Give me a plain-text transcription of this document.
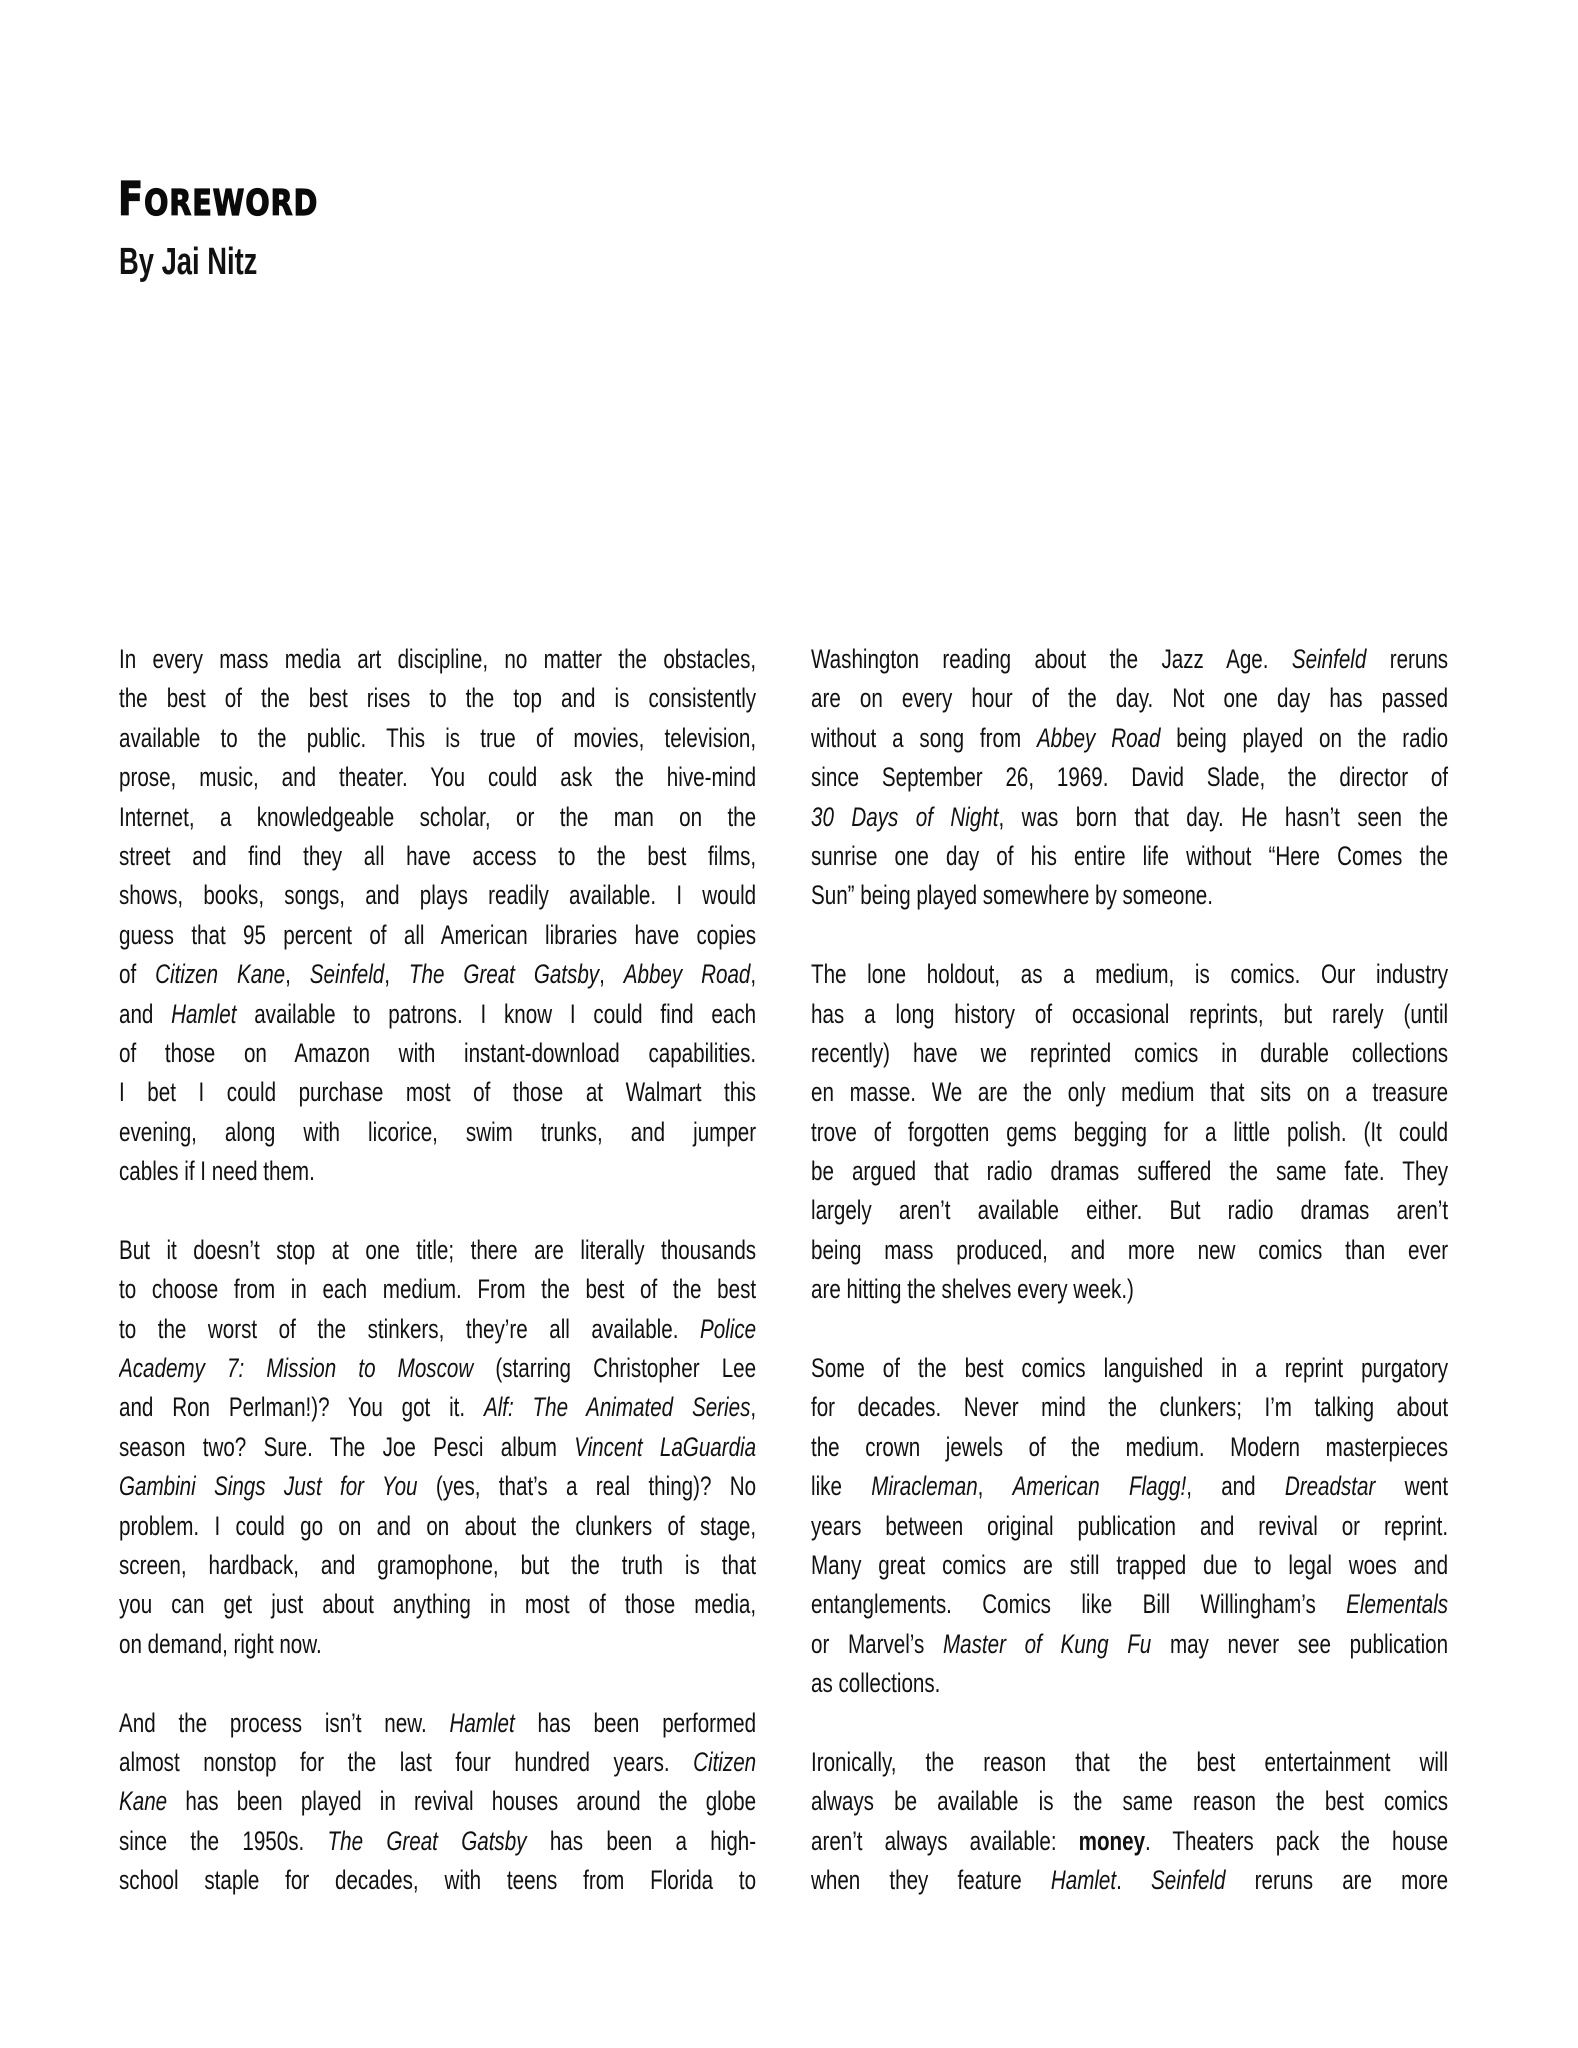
FOREWORD
By Jai Nitz

In every mass media art discipline, no matter the obstacles,
the best of the best rises to the top and is consistently
available to the public. This is true of movies, television,
prose, music, and theater. You could ask the hive-mind
Internet, a knowledgeable scholar, or the man on the
street and find they all have access to the best films,
shows, books, songs, and plays readily available. I would
guess that 95 percent of all American libraries have copies
of Citizen Kane, Seinfeld, The Great Gatsby, Abbey Road,
and Hamlet available to patrons. I know I could find each
of those on Amazon with instant-download capabilities.
I bet I could purchase most of those at Walmart this
evening, along with licorice, swim trunks, and jumper
cables if I need them.

But it doesn’t stop at one title; there are literally thousands
to choose from in each medium. From the best of the best
to the worst of the stinkers, they’re all available. Police
Academy 7: Mission to Moscow (starring Christopher Lee
and Ron Perlman!)? You got it. Alf: The Animated Series,
season two? Sure. The Joe Pesci album Vincent LaGuardia
Gambini Sings Just for You (yes, that’s a real thing)? No
problem. I could go on and on about the clunkers of stage,
screen, hardback, and gramophone, but the truth is that
you can get just about anything in most of those media,
on demand, right now.

And the process isn’t new. Hamlet has been performed
almost nonstop for the last four hundred years. Citizen
Kane has been played in revival houses around the globe
since the 1950s. The Great Gatsby has been a high-
school staple for decades, with teens from Florida to

Washington reading about the Jazz Age. Seinfeld reruns
are on every hour of the day. Not one day has passed
without a song from Abbey Road being played on the radio
since September 26, 1969. David Slade, the director of
30 Days of Night, was born that day. He hasn’t seen the
sunrise one day of his entire life without “Here Comes the
Sun” being played somewhere by someone.

The lone holdout, as a medium, is comics. Our industry
has a long history of occasional reprints, but rarely (until
recently) have we reprinted comics in durable collections
en masse. We are the only medium that sits on a treasure
trove of forgotten gems begging for a little polish. (It could
be argued that radio dramas suffered the same fate. They
largely aren’t available either. But radio dramas aren’t
being mass produced, and more new comics than ever
are hitting the shelves every week.)

Some of the best comics languished in a reprint purgatory
for decades. Never mind the clunkers; I’m talking about
the crown jewels of the medium. Modern masterpieces
like Miracleman, American Flagg!, and Dreadstar went
years between original publication and revival or reprint.
Many great comics are still trapped due to legal woes and
entanglements. Comics like Bill Willingham’s Elementals
or Marvel’s Master of Kung Fu may never see publication
as collections.

Ironically, the reason that the best entertainment will
always be available is the same reason the best comics
aren’t always available: money. Theaters pack the house
when they feature Hamlet. Seinfeld reruns are more
